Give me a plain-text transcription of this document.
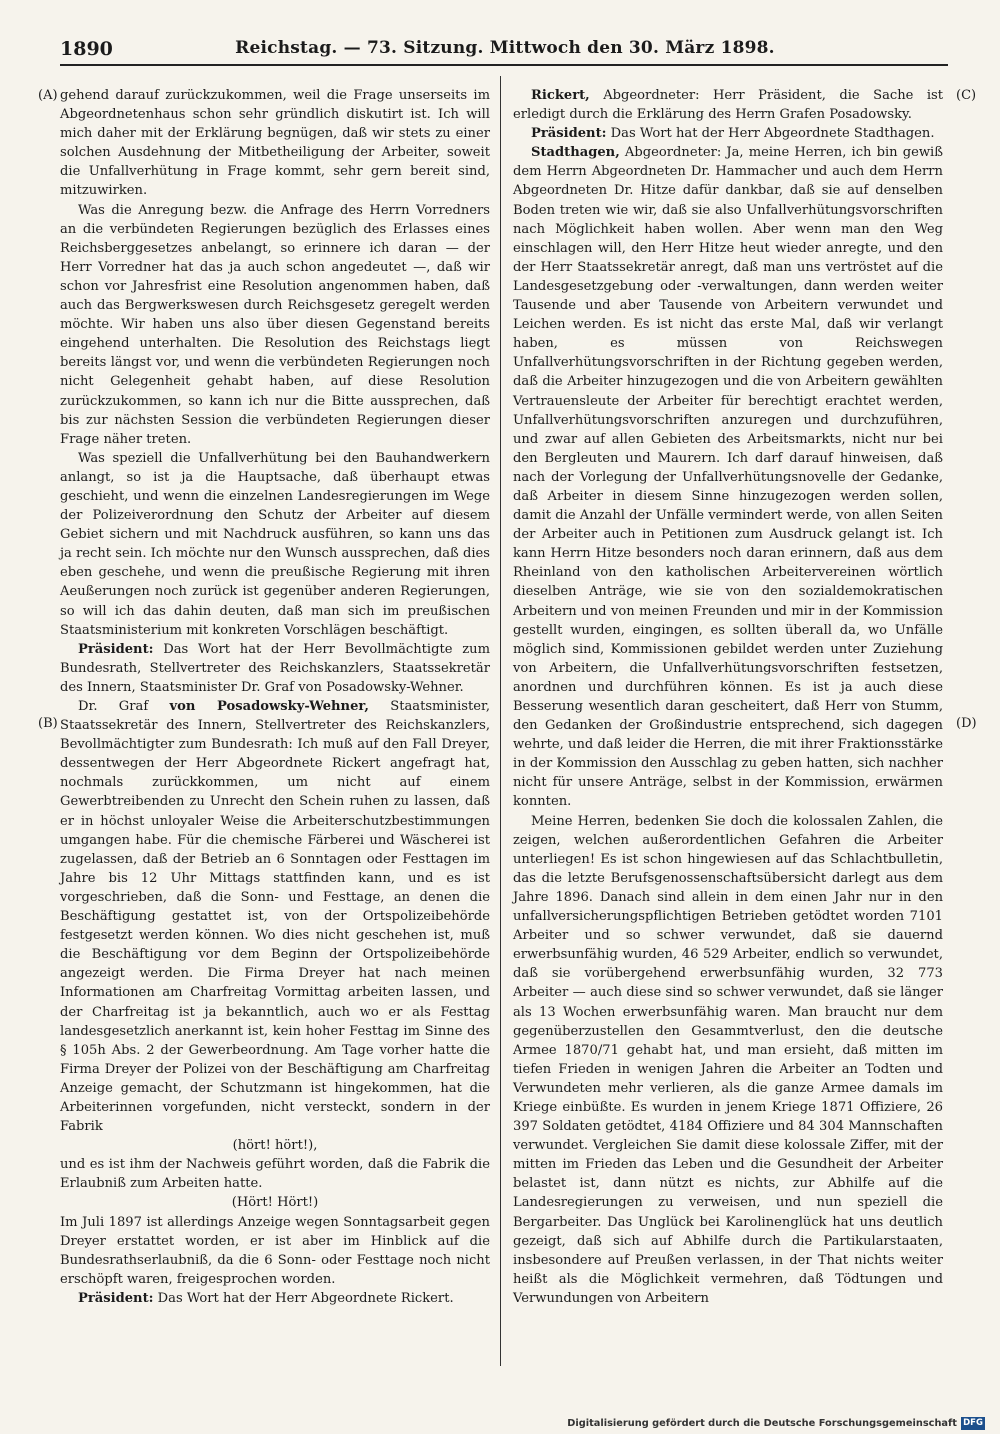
1890	Reichstag. — 73. Sitzung. Mittwoch den 30. März 1898.
(A)
(B)
(C)
(D)

gehend darauf zurückzukommen, weil die Frage unserseits im Abgeordnetenhaus schon sehr gründlich diskutirt ist. Ich will mich daher mit der Erklärung begnügen, daß wir stets zu einer solchen Ausdehnung der Mitbetheiligung der Arbeiter, soweit die Unfallverhütung in Frage kommt, sehr gern bereit sind, mitzuwirken.

Was die Anregung bezw. die Anfrage des Herrn Vorredners an die verbündeten Regierungen bezüglich des Erlasses eines Reichsberggesetzes anbelangt, so erinnere ich daran — der Herr Vorredner hat das ja auch schon angedeutet —, daß wir schon vor Jahresfrist eine Resolution angenommen haben, daß auch das Bergwerkswesen durch Reichsgesetz geregelt werden möchte. Wir haben uns also über diesen Gegenstand bereits eingehend unterhalten. Die Resolution des Reichstags liegt bereits längst vor, und wenn die verbündeten Regierungen noch nicht Gelegenheit gehabt haben, auf diese Resolution zurückzukommen, so kann ich nur die Bitte aussprechen, daß bis zur nächsten Session die verbündeten Regierungen dieser Frage näher treten.

Was speziell die Unfallverhütung bei den Bauhandwerkern anlangt, so ist ja die Hauptsache, daß überhaupt etwas geschieht, und wenn die einzelnen Landesregierungen im Wege der Polizeiverordnung den Schutz der Arbeiter auf diesem Gebiet sichern und mit Nachdruck ausführen, so kann uns das ja recht sein. Ich möchte nur den Wunsch aussprechen, daß dies eben geschehe, und wenn die preußische Regierung mit ihren Aeußerungen noch zurück ist gegenüber anderen Regierungen, so will ich das dahin deuten, daß man sich im preußischen Staatsministerium mit konkreten Vorschlägen beschäftigt.

Präsident: Das Wort hat der Herr Bevollmächtigte zum Bundesrath, Stellvertreter des Reichskanzlers, Staatssekretär des Innern, Staatsminister Dr. Graf von Posadowsky-Wehner.

Dr. Graf von Posadowsky-Wehner, Staatsminister, Staatssekretär des Innern, Stellvertreter des Reichskanzlers, Bevollmächtigter zum Bundesrath: Ich muß auf den Fall Dreyer, dessentwegen der Herr Abgeordnete Rickert angefragt hat, nochmals zurückkommen, um nicht auf einem Gewerbtreibenden zu Unrecht den Schein ruhen zu lassen, daß er in höchst unloyaler Weise die Arbeiterschutzbestimmungen umgangen habe. Für die chemische Färberei und Wäscherei ist zugelassen, daß der Betrieb an 6 Sonntagen oder Festtagen im Jahre bis 12 Uhr Mittags stattfinden kann, und es ist vorgeschrieben, daß die Sonn- und Festtage, an denen die Beschäftigung gestattet ist, von der Ortspolizeibehörde festgesetzt werden können. Wo dies nicht geschehen ist, muß die Beschäftigung vor dem Beginn der Ortspolizeibehörde angezeigt werden. Die Firma Dreyer hat nach meinen Informationen am Charfreitag Vormittag arbeiten lassen, und der Charfreitag ist ja bekanntlich, auch wo er als Festtag landesgesetzlich anerkannt ist, kein hoher Festtag im Sinne des § 105h Abs. 2 der Gewerbeordnung. Am Tage vorher hatte die Firma Dreyer der Polizei von der Beschäftigung am Charfreitag Anzeige gemacht, der Schutzmann ist hingekommen, hat die Arbeiterinnen vorgefunden, nicht versteckt, sondern in der Fabrik

(hört! hört!),

und es ist ihm der Nachweis geführt worden, daß die Fabrik die Erlaubniß zum Arbeiten hatte.

(Hört! Hört!)

Im Juli 1897 ist allerdings Anzeige wegen Sonntagsarbeit gegen Dreyer erstattet worden, er ist aber im Hinblick auf die Bundesrathserlaubniß, da die 6 Sonn- oder Festtage noch nicht erschöpft waren, freigesprochen worden.

Präsident: Das Wort hat der Herr Abgeordnete Rickert.

Rickert, Abgeordneter: Herr Präsident, die Sache ist erledigt durch die Erklärung des Herrn Grafen Posadowsky.

Präsident: Das Wort hat der Herr Abgeordnete Stadthagen.

Stadthagen, Abgeordneter: Ja, meine Herren, ich bin gewiß dem Herrn Abgeordneten Dr. Hammacher und auch dem Herrn Abgeordneten Dr. Hitze dafür dankbar, daß sie auf denselben Boden treten wie wir, daß sie also Unfallverhütungsvorschriften nach Möglichkeit haben wollen. Aber wenn man den Weg einschlagen will, den Herr Hitze heut wieder anregte, und den der Herr Staatssekretär anregt, daß man uns vertröstet auf die Landesgesetzgebung oder -verwaltungen, dann werden weiter Tausende und aber Tausende von Arbeitern verwundet und Leichen werden. Es ist nicht das erste Mal, daß wir verlangt haben, es müssen von Reichswegen Unfallverhütungsvorschriften in der Richtung gegeben werden, daß die Arbeiter hinzugezogen und die von Arbeitern gewählten Vertrauensleute der Arbeiter für berechtigt erachtet werden, Unfallverhütungsvorschriften anzuregen und durchzuführen, und zwar auf allen Gebieten des Arbeitsmarkts, nicht nur bei den Bergleuten und Maurern. Ich darf darauf hinweisen, daß nach der Vorlegung der Unfallverhütungsnovelle der Gedanke, daß Arbeiter in diesem Sinne hinzugezogen werden sollen, damit die Anzahl der Unfälle vermindert werde, von allen Seiten der Arbeiter auch in Petitionen zum Ausdruck gelangt ist. Ich kann Herrn Hitze besonders noch daran erinnern, daß aus dem Rheinland von den katholischen Arbeitervereinen wörtlich dieselben Anträge, wie sie von den sozialdemokratischen Arbeitern und von meinen Freunden und mir in der Kommission gestellt wurden, eingingen, es sollten überall da, wo Unfälle möglich sind, Kommissionen gebildet werden unter Zuziehung von Arbeitern, die Unfallverhütungsvorschriften festsetzen, anordnen und durchführen können. Es ist ja auch diese Besserung wesentlich daran gescheitert, daß Herr von Stumm, den Gedanken der Großindustrie entsprechend, sich dagegen wehrte, und daß leider die Herren, die mit ihrer Fraktionsstärke in der Kommission den Ausschlag zu geben hatten, sich nachher nicht für unsere Anträge, selbst in der Kommission, erwärmen konnten.

Meine Herren, bedenken Sie doch die kolossalen Zahlen, die zeigen, welchen außerordentlichen Gefahren die Arbeiter unterliegen! Es ist schon hingewiesen auf das Schlachtbulletin, das die letzte Berufsgenossenschaftsübersicht darlegt aus dem Jahre 1896. Danach sind allein in dem einen Jahr nur in den unfallversicherungspflichtigen Betrieben getödtet worden 7101 Arbeiter und so schwer verwundet, daß sie dauernd erwerbsunfähig wurden, 46 529 Arbeiter, endlich so verwundet, daß sie vorübergehend erwerbsunfähig wurden, 32 773 Arbeiter — auch diese sind so schwer verwundet, daß sie länger als 13 Wochen erwerbsunfähig waren. Man braucht nur dem gegenüberzustellen den Gesammtverlust, den die deutsche Armee 1870/71 gehabt hat, und man ersieht, daß mitten im tiefen Frieden in wenigen Jahren die Arbeiter an Todten und Verwundeten mehr verlieren, als die ganze Armee damals im Kriege einbüßte. Es wurden in jenem Kriege 1871 Offiziere, 26 397 Soldaten getödtet, 4184 Offiziere und 84 304 Mannschaften verwundet. Vergleichen Sie damit diese kolossale Ziffer, mit der mitten im Frieden das Leben und die Gesundheit der Arbeiter belastet ist, dann nützt es nichts, zur Abhilfe auf die Landesregierungen zu verweisen, und nun speziell die Bergarbeiter. Das Unglück bei Karolinenglück hat uns deutlich gezeigt, daß sich auf Abhilfe durch die Partikularstaaten, insbesondere auf Preußen verlassen, in der That nichts weiter heißt als die Möglichkeit vermehren, daß Tödtungen und Verwundungen von Arbeitern

Digitalisierung gefördert durch die Deutsche Forschungsgemeinschaft DFG
